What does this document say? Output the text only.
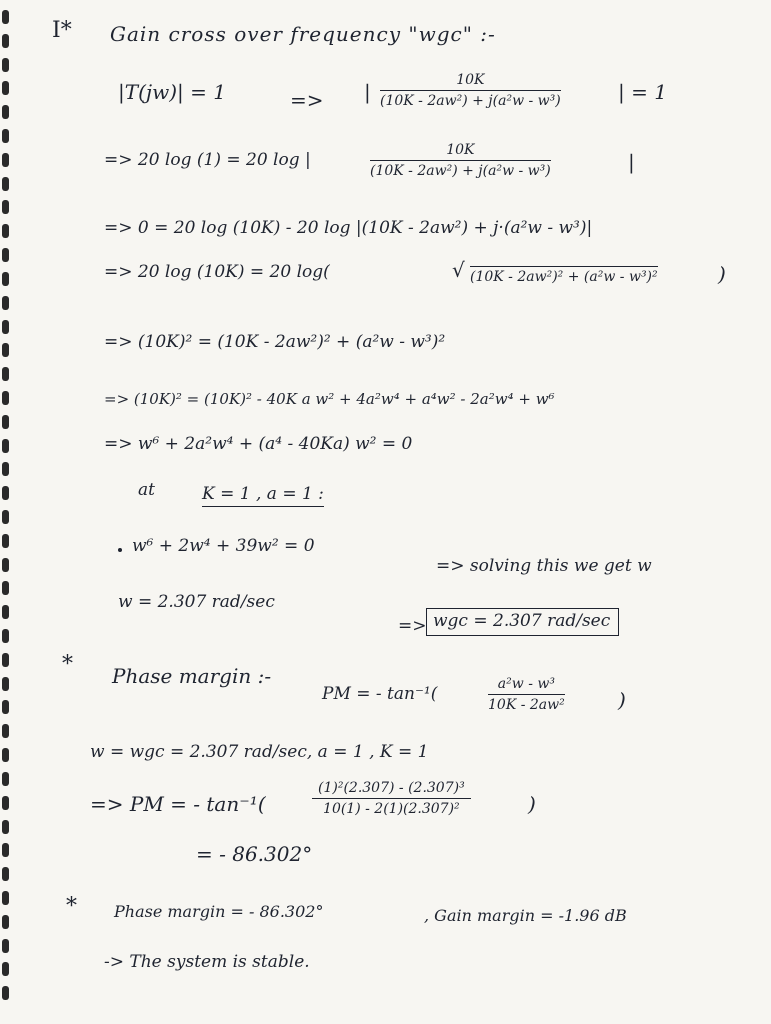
I* Gain cross over frequency "wgc" :-
|T(jw)| = 1	=> | $\frac{10K}{\text{(10K - 2aw²) + j(a²w - w³)}}$	| = 1
=> 20 log (1) = 20 log |	$\frac{10K}{\text{(10K - 2aw²) + j(a²w - w³)}}$	|
=> 0 = 20 log (10K) - 20 log |(10K - 2aw²) + j·(a²w - w³)|
=> 20 log (10K) = 20 log(	√ (10K - 2aw²)² + (a²w - w³)²	)
=> (10K)² = (10K - 2aw²)² + (a²w - w³)²
=> (10K)² = (10K)² - 40K a w² + 4a²w⁴ + a⁴w² - 2a²w⁴ + w⁶
=> w⁶ + 2a²w⁴ + (a⁴ - 40Ka) w² = 0
at	K = 1 , a = 1 :
w⁶ + 2w⁴ + 39w² = 0
=> solving this we get w
w = 2.307 rad/sec
=> wgc = 2.307 rad/sec
* Phase margin :-
PM = - tan⁻¹(	$\frac{\text{a²w - w³}}{\text{10K - 2aw²}}$	)
w = wgc = 2.307 rad/sec, a = 1 , K = 1
=> PM = - tan⁻¹(	$\frac{\text{(1)²(2.307) - (2.307)³}}{\text{10(1) - 2(1)(2.307)²}}$	)
= - 86.302°
* Phase margin = - 86.302°	, Gain margin = -1.96 dB
-> The system is stable.
